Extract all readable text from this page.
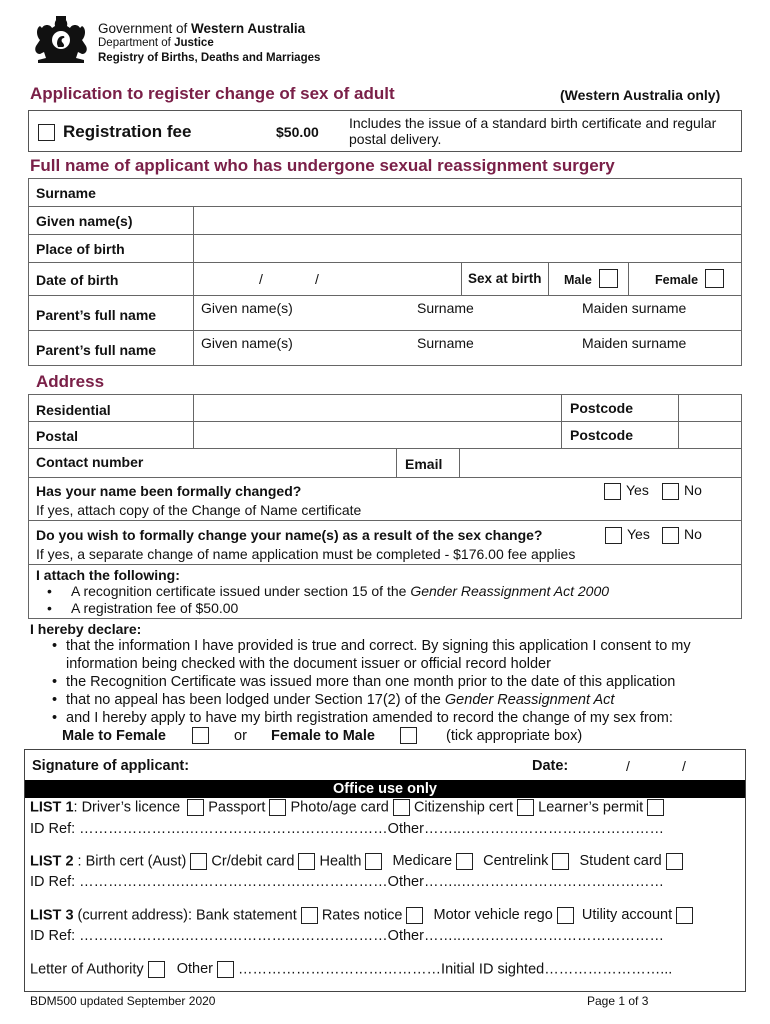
Government of Western Australia
Department of Justice
Registry of Births, Deaths and Marriages
Application to register change of sex of adult	(Western Australia only)
Registration fee	$50.00
Includes the issue of a standard birth certificate and regular postal delivery.
Full name of applicant who has undergone sexual reassignment surgery
Surname
Given name(s)
Place of birth
Date of birth	/	/	Sex at birth	Male	Female
Parent’s full name	Given name(s)	Surname	Maiden surname
Parent’s full name	Given name(s)	Surname	Maiden surname
Address
Residential	Postcode
Postal	Postcode
Contact number	Email
Has your name been formally changed?	Yes	No
If yes, attach copy of the Change of Name certificate
Do you wish to formally change your name(s) as a result of the sex change?	Yes No
If yes, a separate change of name application must be completed - $176.00 fee applies
I attach the following:
• A recognition certificate issued under section 15 of the Gender Reassignment Act 2000
• A registration fee of $50.00
I hereby declare:
• that the information I have provided is true and correct. By signing this application I consent to my information being checked with the document issuer or official record holder
• the Recognition Certificate was issued more than one month prior to the date of this application
• that no appeal has been lodged under Section 17(2) of the Gender Reassignment Act
• and I hereby apply to have my birth registration amended to record the change of my sex from:
Male to Female	or Female to Male	(tick appropriate box)
Signature of applicant:	Date:	/	/
Office use only
LIST 1: Driver’s licence Passport Photo/age card Citizenship cert Learner’s permit
ID Ref: ………………….……………………………………Other……..……………………………………
LIST 2 : Birth cert (Aust) Cr/debit card Health Medicare Centrelink Student card
ID Ref: ………………….……………………………………Other……..……………………………………
LIST 3 (current address): Bank statement Rates notice Motor vehicle rego Utility account
ID Ref: ………………….……………………………………Other……..……………………………………
Letter of Authority Other ……………………………………Initial ID sighted……………………...
BDM500 updated September 2020	Page 1 of 3
